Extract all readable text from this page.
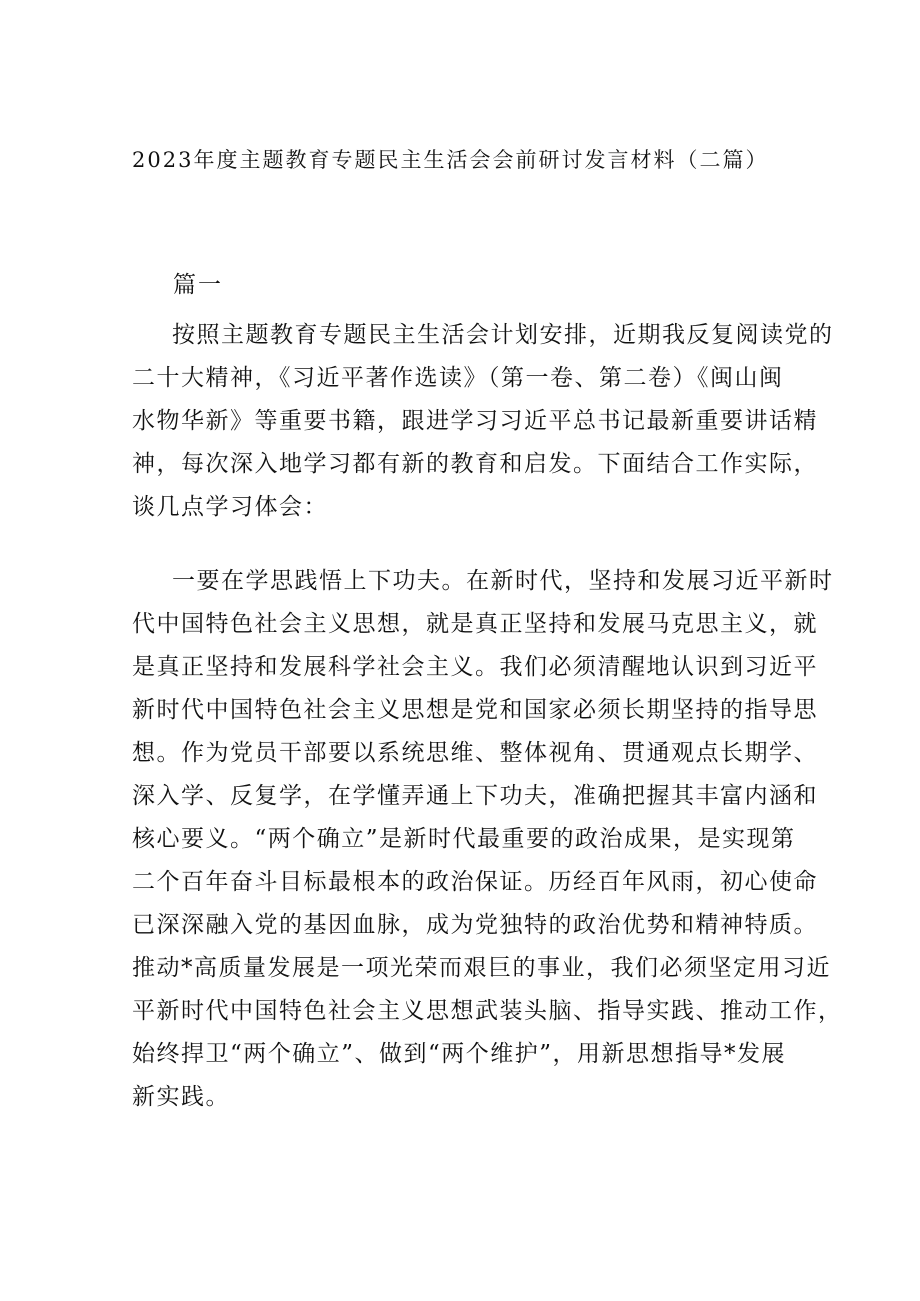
2023年度主题教育专题民主生活会会前研讨发言材料（二篇）
篇一
按照主题教育专题民主生活会计划安排，近期我反复阅读党的
二十大精神，《习近平著作选读》（第一卷、第二卷）《闽山闽
水物华新》等重要书籍，跟进学习习近平总书记最新重要讲话精
神，每次深入地学习都有新的教育和启发。下面结合工作实际，
谈几点学习体会：
一要在学思践悟上下功夫。在新时代，坚持和发展习近平新时
代中国特色社会主义思想，就是真正坚持和发展马克思主义，就
是真正坚持和发展科学社会主义。我们必须清醒地认识到习近平
新时代中国特色社会主义思想是党和国家必须长期坚持的指导思
想。作为党员干部要以系统思维、整体视角、贯通观点长期学、
深入学、反复学，在学懂弄通上下功夫，准确把握其丰富内涵和
核心要义。“两个确立”是新时代最重要的政治成果，是实现第
二个百年奋斗目标最根本的政治保证。历经百年风雨，初心使命
已深深融入党的基因血脉，成为党独特的政治优势和精神特质。
推动*高质量发展是一项光荣而艰巨的事业，我们必须坚定用习近
平新时代中国特色社会主义思想武装头脑、指导实践、推动工作，
始终捍卫“两个确立”、做到“两个维护”，用新思想指导*发展
新实践。
